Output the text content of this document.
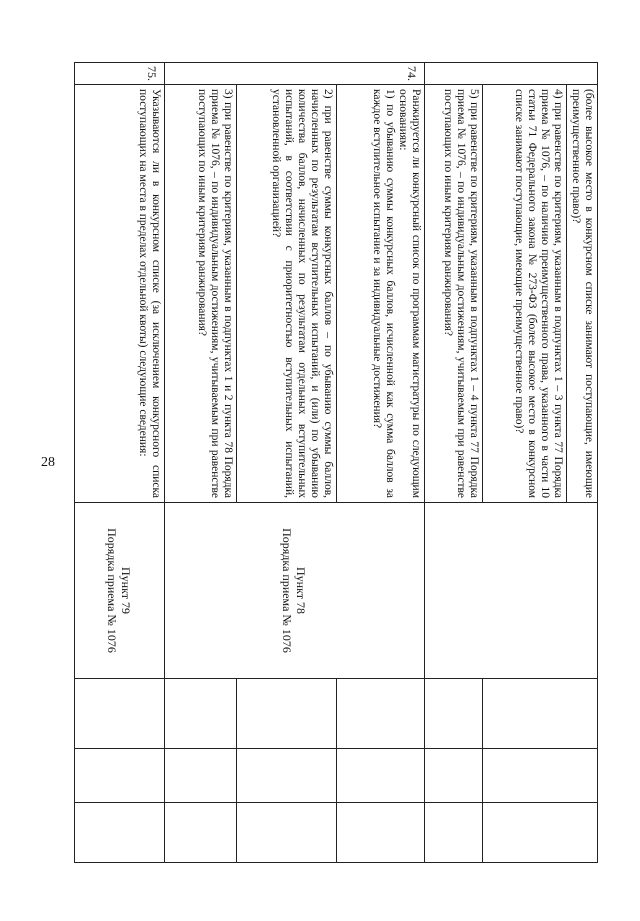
28
		(более высокое место в конкурсном списке занимают поступающие, имеющие преимущественное право)?				
	4) при равенстве по критериям, указанным в подпунктах 1 – 3 пункта 77 Порядка приема № 1076, – по наличию преимущественного права, указанного в части 10 статьи 71 Федерального закона № 273-ФЗ (более высокое место в конкурсном списке занимают поступающие, имеющие преимущественное право)?				
	5) при равенстве по критериям, указанным в подпунктах 1 – 4 пункта 77 Порядка приема № 1076, – по индивидуальным достижениям, учитываемым при равенстве поступающих по иным критериям ранжирования?				
74.	Ранжируется ли конкурсный список по программам магистратуры по следующим основаниям:
1) по убыванию суммы конкурсных баллов, исчисленной как сумма баллов за каждое вступительное испытание и за индивидуальные достижения?	Пункт 78
Порядка приема № 1076			

	2) при равенстве суммы конкурсных баллов – по убыванию суммы баллов, начисленных по результатам вступительных испытаний, и (или) по убыванию количества баллов, начисленных по результатам отдельных вступительных испытаний, в соответствии с приоритетностью вступительных испытаний, установленной организацией?				
	3) при равенстве по критериям, указанным в подпунктах 1 и 2 пункта 78 Порядка приема № 1076, – по индивидуальным достижениям, учитываемым при равенстве поступающих по иным критериям ранжирования?				
75.	Указываются ли в конкурсном списке (за исключением конкурсного списка поступающих на места в пределах отдельной квоты) следующие сведения:	Пункт 79
Порядка приема № 1076			
